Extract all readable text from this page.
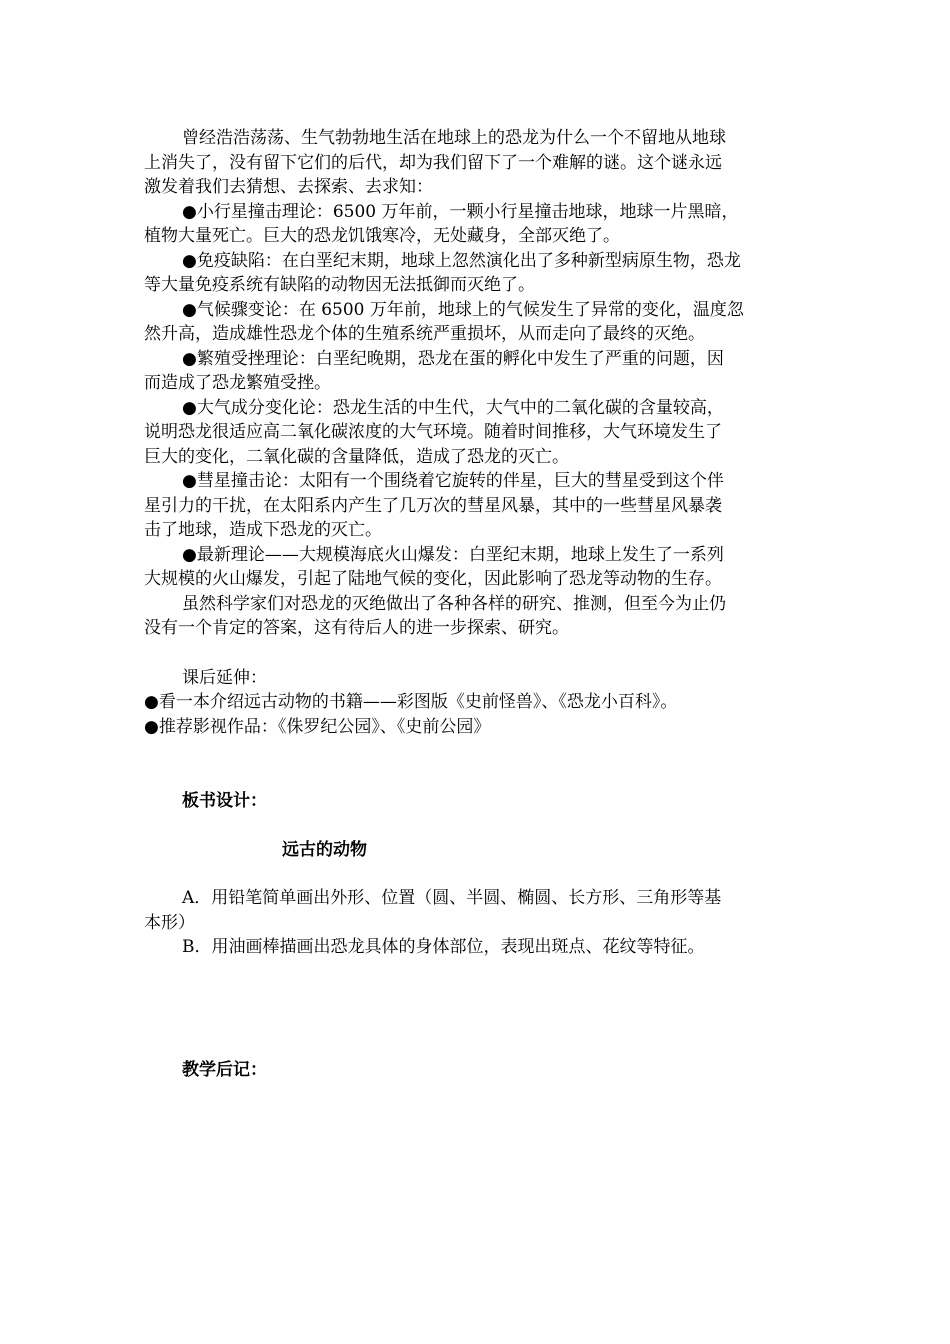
曾经浩浩荡荡、生气勃勃地生活在地球上的恐龙为什么一个不留地从地球

上消失了，没有留下它们的后代，却为我们留下了一个难解的谜。这个谜永远

激发着我们去猜想、去探索、去求知：

●小行星撞击理论：6500 万年前，一颗小行星撞击地球，地球一片黑暗，

植物大量死亡。巨大的恐龙饥饿寒冷，无处藏身，全部灭绝了。

●免疫缺陷：在白垩纪末期，地球上忽然演化出了多种新型病原生物，恐龙

等大量免疫系统有缺陷的动物因无法抵御而灭绝了。

●气候骤变论：在 6500 万年前，地球上的气候发生了异常的变化，温度忽

然升高，造成雄性恐龙个体的生殖系统严重损坏，从而走向了最终的灭绝。

●繁殖受挫理论：白垩纪晚期，恐龙在蛋的孵化中发生了严重的问题，因

而造成了恐龙繁殖受挫。

●大气成分变化论：恐龙生活的中生代，大气中的二氧化碳的含量较高，

说明恐龙很适应高二氧化碳浓度的大气环境。随着时间推移，大气环境发生了

巨大的变化，二氧化碳的含量降低，造成了恐龙的灭亡。

●彗星撞击论：太阳有一个围绕着它旋转的伴星，巨大的彗星受到这个伴

星引力的干扰，在太阳系内产生了几万次的彗星风暴，其中的一些彗星风暴袭

击了地球，造成下恐龙的灭亡。

●最新理论——大规模海底火山爆发：白垩纪末期，地球上发生了一系列

大规模的火山爆发，引起了陆地气候的变化，因此影响了恐龙等动物的生存。

虽然科学家们对恐龙的灭绝做出了各种各样的研究、推测，但至今为止仍

没有一个肯定的答案，这有待后人的进一步探索、研究。

课后延伸：

●看一本介绍远古动物的书籍——彩图版《史前怪兽》、《恐龙小百科》。

●推荐影视作品：《侏罗纪公园》、《史前公园》

板书设计：

远古的动物

A．用铅笔简单画出外形、位置（圆、半圆、椭圆、长方形、三角形等基

本形）

B．用油画棒描画出恐龙具体的身体部位，表现出斑点、花纹等特征。

教学后记：
